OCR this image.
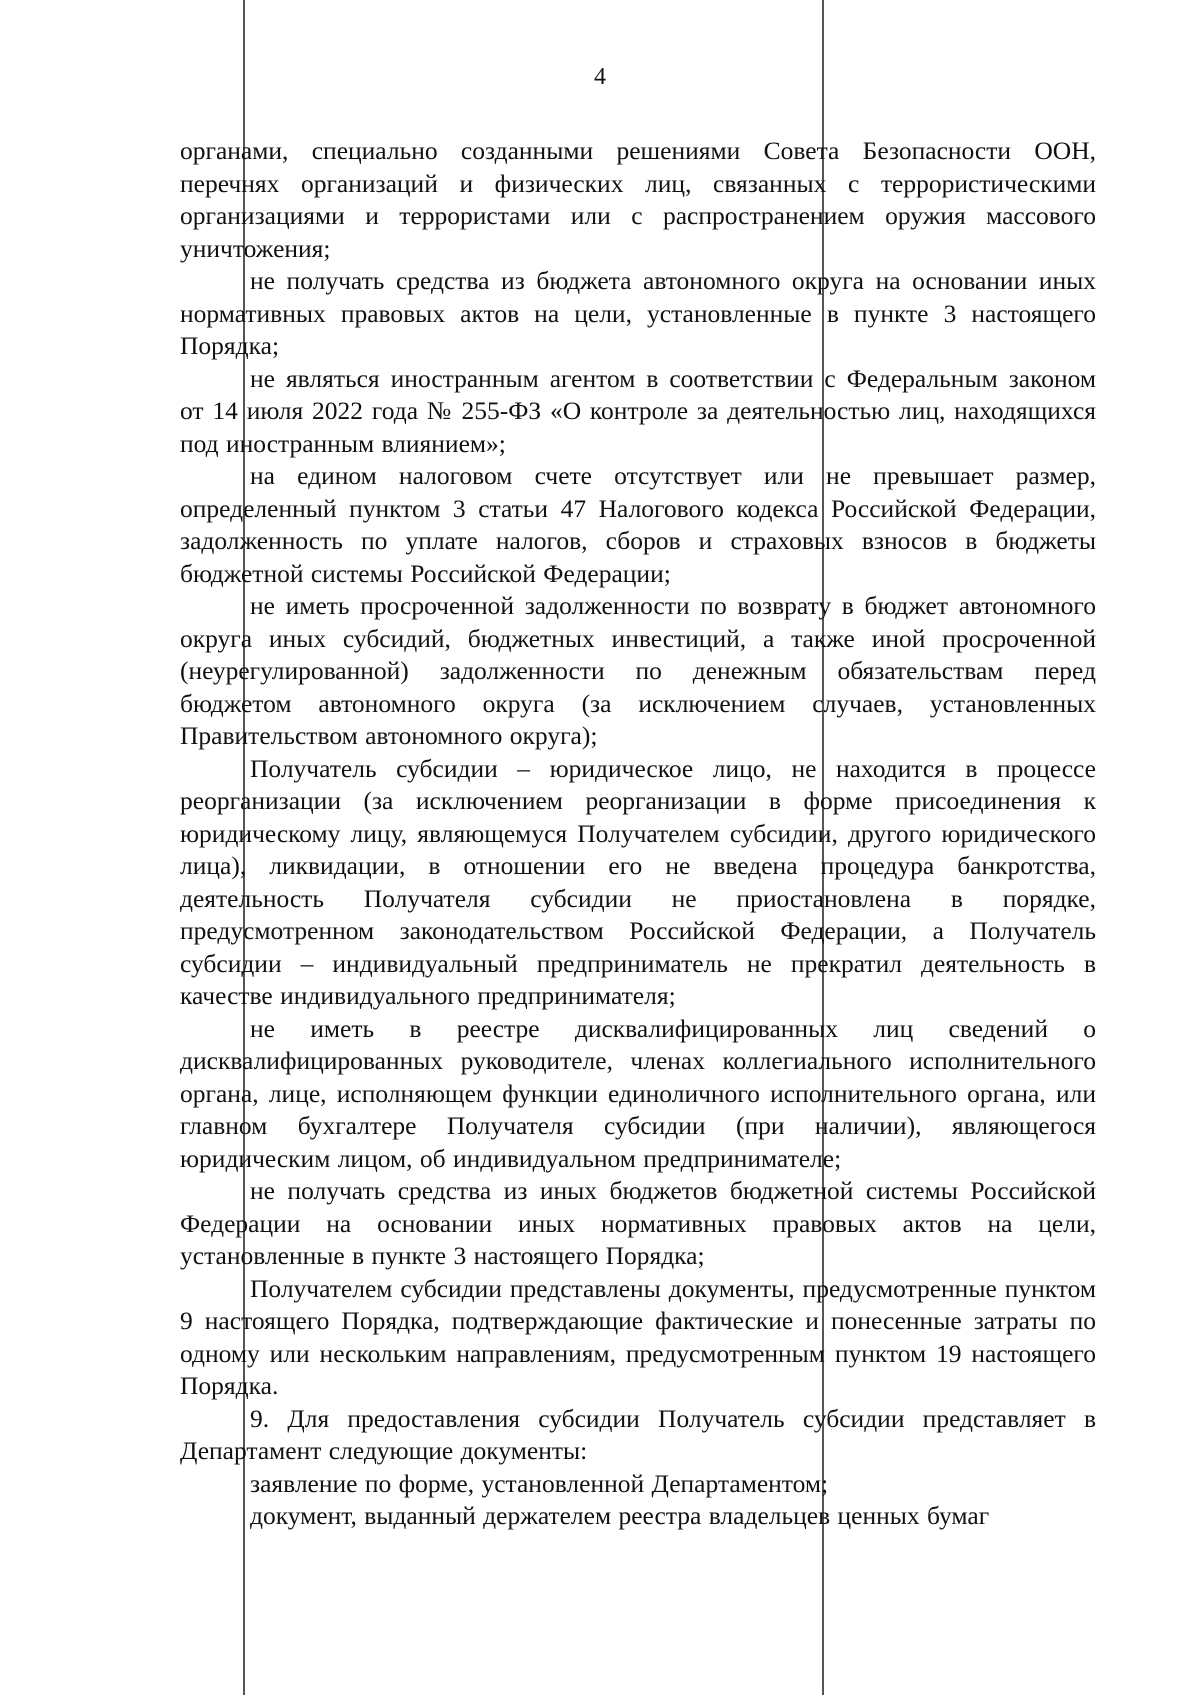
4

органами, специально созданными решениями Совета Безопасности ООН, перечнях организаций и физических лиц, связанных с террористическими организациями и террористами или с распространением оружия массового уничтожения;

не получать средства из бюджета автономного округа на основании иных нормативных правовых актов на цели, установленные в пункте 3 настоящего Порядка;

не являться иностранным агентом в соответствии с Федеральным законом от 14 июля 2022 года № 255-ФЗ «О контроле за деятельностью лиц, находящихся под иностранным влиянием»;

на едином налоговом счете отсутствует или не превышает размер, определенный пунктом 3 статьи 47 Налогового кодекса Российской Федерации, задолженность по уплате налогов, сборов и страховых взносов в бюджеты бюджетной системы Российской Федерации;

не иметь просроченной задолженности по возврату в бюджет автономного округа иных субсидий, бюджетных инвестиций, а также иной просроченной (неурегулированной) задолженности по денежным обязательствам перед бюджетом автономного округа (за исключением случаев, установленных Правительством автономного округа);

Получатель субсидии – юридическое лицо, не находится в процессе реорганизации (за исключением реорганизации в форме присоединения к юридическому лицу, являющемуся Получателем субсидии, другого юридического лица), ликвидации, в отношении его не введена процедура банкротства, деятельность Получателя субсидии не приостановлена в порядке, предусмотренном законодательством Российской Федерации, а Получатель субсидии – индивидуальный предприниматель не прекратил деятельность в качестве индивидуального предпринимателя;

не иметь в реестре дисквалифицированных лиц сведений о дисквалифицированных руководителе, членах коллегиального исполнительного органа, лице, исполняющем функции единоличного исполнительного органа, или главном бухгалтере Получателя субсидии (при наличии), являющегося юридическим лицом, об индивидуальном предпринимателе;

не получать средства из иных бюджетов бюджетной системы Российской Федерации на основании иных нормативных правовых актов на цели, установленные в пункте 3 настоящего Порядка;

Получателем субсидии представлены документы, предусмотренные пунктом 9 настоящего Порядка, подтверждающие фактические и понесенные затраты по одному или нескольким направлениям, предусмотренным пунктом 19 настоящего Порядка.

9. Для предоставления субсидии Получатель субсидии представляет в Департамент следующие документы:

заявление по форме, установленной Департаментом;

документ, выданный держателем реестра владельцев ценных бумаг
